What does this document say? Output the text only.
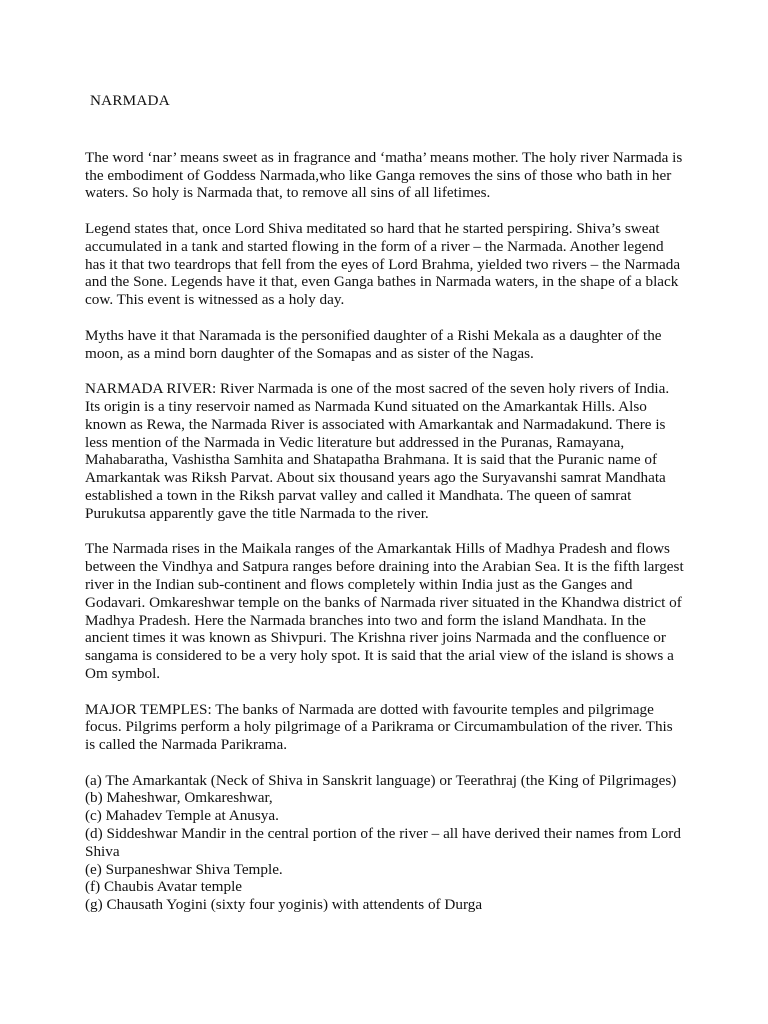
NARMADA

The word ‘nar’ means sweet as in fragrance and ‘matha’ means mother. The holy river Narmada is the embodiment of Goddess Narmada,who like Ganga removes the sins of those who bath in her waters. So holy is Narmada that, to remove all sins of all lifetimes.

Legend states that, once Lord Shiva meditated so hard that he started perspiring. Shiva’s sweat accumulated in a tank and started flowing in the form of a river – the Narmada. Another legend has it that two teardrops that fell from the eyes of Lord Brahma, yielded two rivers – the Narmada and the Sone. Legends have it that, even Ganga bathes in Narmada waters, in the shape of a black cow. This event is witnessed as a holy day.

Myths have it that Naramada is the personified daughter of a Rishi Mekala as a daughter of the moon, as a mind born daughter of the Somapas and as sister of the Nagas.

NARMADA RIVER: River Narmada is one of the most sacred of the seven holy rivers of India. Its origin is a tiny reservoir named as Narmada Kund situated on the Amarkantak Hills. Also known as Rewa, the Narmada River is associated with Amarkantak and Narmadakund. There is less mention of the Narmada in Vedic literature but addressed in the Puranas, Ramayana, Mahabaratha, Vashistha Samhita and Shatapatha Brahmana. It is said that the Puranic name of Amarkantak was Riksh Parvat. About six thousand years ago the Suryavanshi samrat Mandhata established a town in the Riksh parvat valley and called it Mandhata. The queen of samrat Purukutsa apparently gave the title Narmada to the river.

The Narmada rises in the Maikala ranges of the Amarkantak Hills of Madhya Pradesh and flows between the Vindhya and Satpura ranges before draining into the Arabian Sea. It is the fifth largest river in the Indian sub-continent and flows completely within India just as the Ganges and Godavari. Omkareshwar temple on the banks of Narmada river situated in the Khandwa district of Madhya Pradesh. Here the Narmada branches into two and form the island Mandhata. In the ancient times it was known as Shivpuri. The Krishna river joins Narmada and the confluence or sangama is considered to be a very holy spot. It is said that the arial view of the island is shows a Om symbol.

MAJOR TEMPLES: The banks of Narmada are dotted with favourite temples and pilgrimage focus. Pilgrims perform a holy pilgrimage of a Parikrama or Circumambulation of the river. This is called the Narmada Parikrama.

(a) The Amarkantak (Neck of Shiva in Sanskrit language) or Teerathraj (the King of Pilgrimages)
(b) Maheshwar, Omkareshwar,
(c) Mahadev Temple at Anusya.
(d) Siddeshwar Mandir in the central portion of the river – all have derived their names from Lord Shiva
(e) Surpaneshwar Shiva Temple.
(f) Chaubis Avatar temple
(g) Chausath Yogini (sixty four yoginis) with attendents of Durga
